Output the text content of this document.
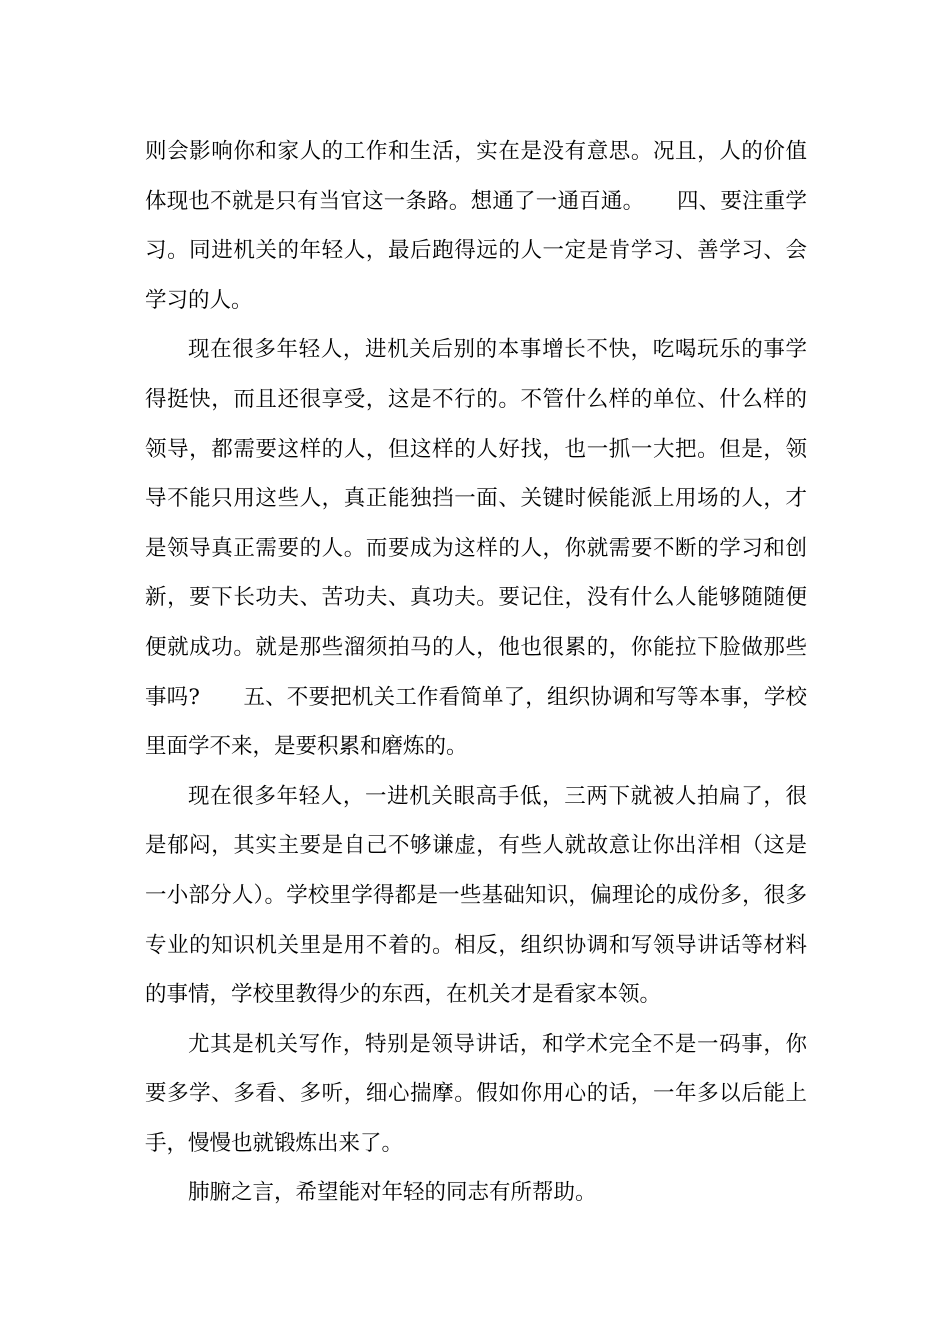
则会影响你和家人的工作和生活，实在是没有意思。况且，人的价值体现也不就是只有当官这一条路。想通了一通百通。　　四、要注重学习。同进机关的年轻人，最后跑得远的人一定是肯学习、善学习、会学习的人。

现在很多年轻人，进机关后别的本事增长不快，吃喝玩乐的事学得挺快，而且还很享受，这是不行的。不管什么样的单位、什么样的领导，都需要这样的人，但这样的人好找，也一抓一大把。但是，领导不能只用这些人，真正能独挡一面、关键时候能派上用场的人，才是领导真正需要的人。而要成为这样的人，你就需要不断的学习和创新，要下长功夫、苦功夫、真功夫。要记住，没有什么人能够随随便便就成功。就是那些溜须拍马的人，他也很累的，你能拉下脸做那些事吗?　　五、不要把机关工作看简单了，组织协调和写等本事，学校里面学不来，是要积累和磨炼的。

现在很多年轻人，一进机关眼高手低，三两下就被人拍扁了，很是郁闷，其实主要是自己不够谦虚，有些人就故意让你出洋相（这是一小部分人）。学校里学得都是一些基础知识，偏理论的成份多，很多专业的知识机关里是用不着的。相反，组织协调和写领导讲话等材料的事情，学校里教得少的东西，在机关才是看家本领。

尤其是机关写作，特别是领导讲话，和学术完全不是一码事，你要多学、多看、多听，细心揣摩。假如你用心的话，一年多以后能上手，慢慢也就锻炼出来了。

肺腑之言，希望能对年轻的同志有所帮助。
